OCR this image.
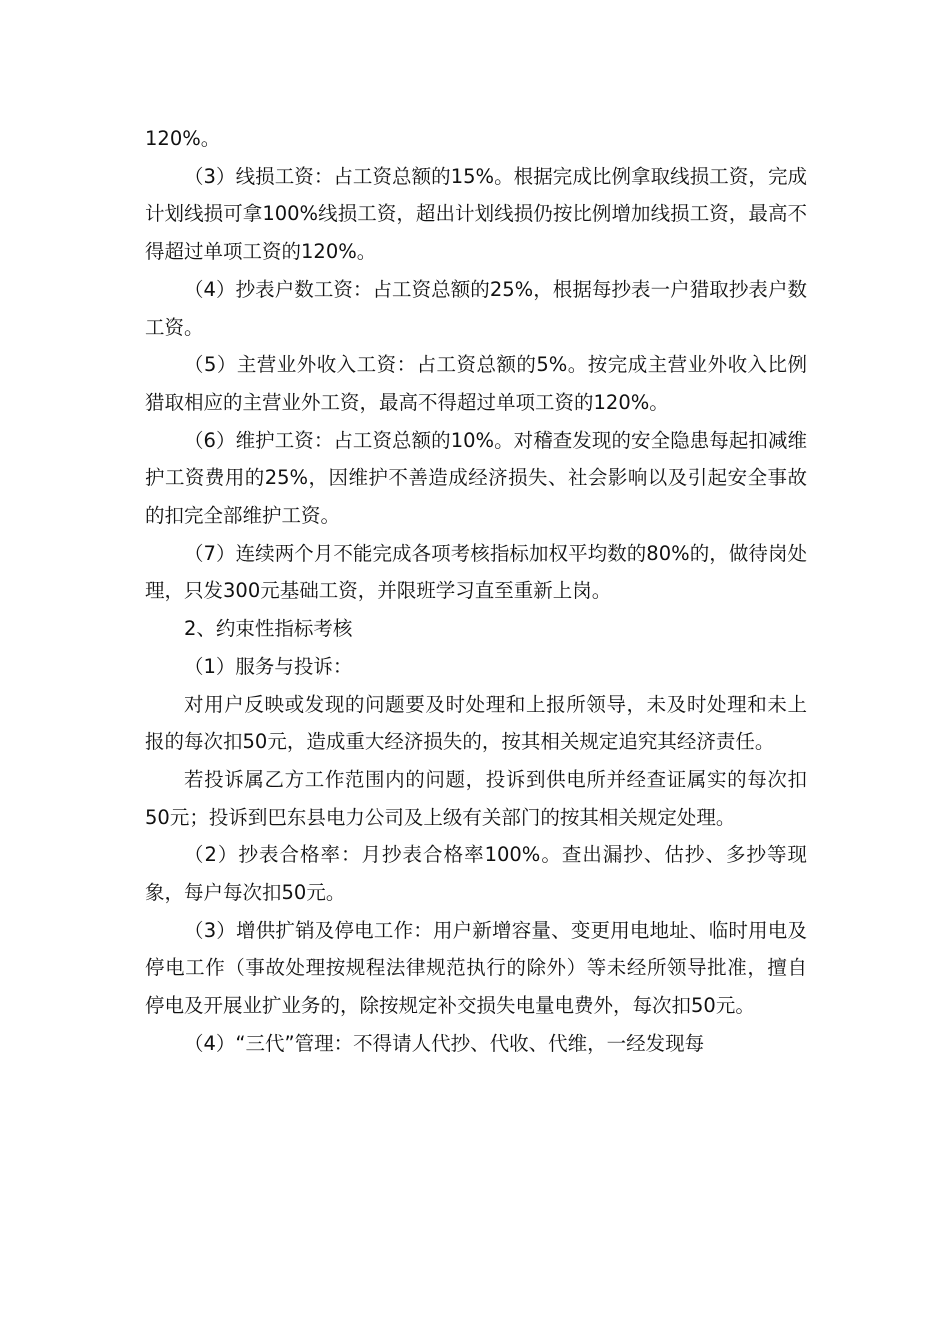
120%。

（3）线损工资：占工资总额的15%。根据完成比例拿取线损工资，完成计划线损可拿100%线损工资，超出计划线损仍按比例增加线损工资，最高不得超过单项工资的120%。

（4）抄表户数工资：占工资总额的25%，根据每抄表一户猎取抄表户数工资。

（5）主营业外收入工资：占工资总额的5%。按完成主营业外收入比例猎取相应的主营业外工资，最高不得超过单项工资的120%。

（6）维护工资：占工资总额的10%。对稽查发现的安全隐患每起扣减维护工资费用的25%，因维护不善造成经济损失、社会影响以及引起安全事故的扣完全部维护工资。

（7）连续两个月不能完成各项考核指标加权平均数的80%的，做待岗处理，只发300元基础工资，并限班学习直至重新上岗。

2、约束性指标考核

（1）服务与投诉：

对用户反映或发现的问题要及时处理和上报所领导，未及时处理和未上报的每次扣50元，造成重大经济损失的，按其相关规定追究其经济责任。

若投诉属乙方工作范围内的问题，投诉到供电所并经查证属实的每次扣50元；投诉到巴东县电力公司及上级有关部门的按其相关规定处理。

（2）抄表合格率：月抄表合格率100%。查出漏抄、估抄、多抄等现象，每户每次扣50元。

（3）增供扩销及停电工作：用户新增容量、变更用电地址、临时用电及停电工作（事故处理按规程法律规范执行的除外）等未经所领导批准，擅自停电及开展业扩业务的，除按规定补交损失电量电费外，每次扣50元。

（4）“三代”管理：不得请人代抄、代收、代维，一经发现每
